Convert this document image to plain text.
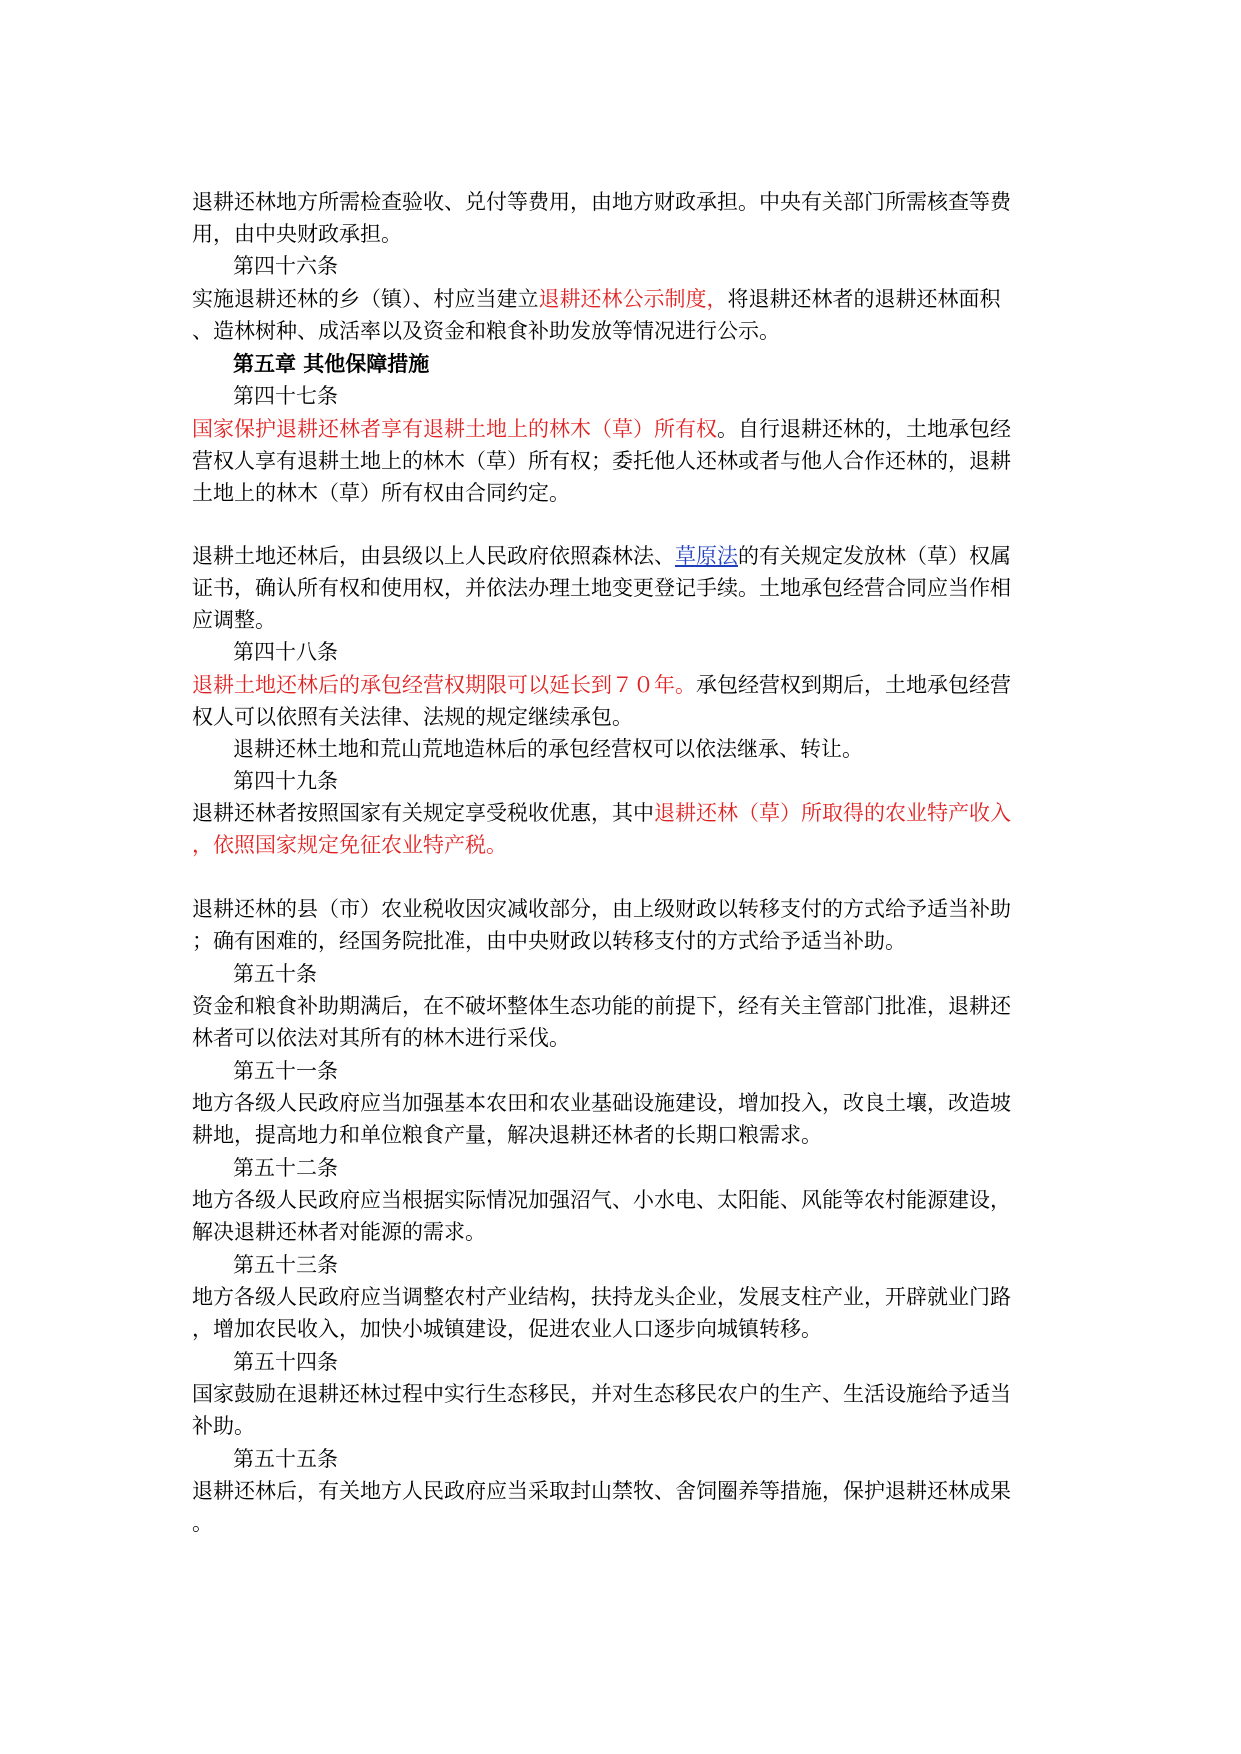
退耕还林地方所需检查验收、兑付等费用，由地方财政承担。中央有关部门所需核查等费
用，由中央财政承担。
第四十六条
实施退耕还林的乡（镇）、村应当建立退耕还林公示制度，将退耕还林者的退耕还林面积
、造林树种、成活率以及资金和粮食补助发放等情况进行公示。
第五章 其他保障措施
第四十七条
国家保护退耕还林者享有退耕土地上的林木（草）所有权。自行退耕还林的，土地承包经
营权人享有退耕土地上的林木（草）所有权；委托他人还林或者与他人合作还林的，退耕
土地上的林木（草）所有权由合同约定。
退耕土地还林后，由县级以上人民政府依照森林法、草原法的有关规定发放林（草）权属
证书，确认所有权和使用权，并依法办理土地变更登记手续。土地承包经营合同应当作相
应调整。
第四十八条
退耕土地还林后的承包经营权期限可以延长到７０年。承包经营权到期后，土地承包经营
权人可以依照有关法律、法规的规定继续承包。
退耕还林土地和荒山荒地造林后的承包经营权可以依法继承、转让。
第四十九条
退耕还林者按照国家有关规定享受税收优惠，其中退耕还林（草）所取得的农业特产收入
，依照国家规定免征农业特产税。
退耕还林的县（市）农业税收因灾减收部分，由上级财政以转移支付的方式给予适当补助
；确有困难的，经国务院批准，由中央财政以转移支付的方式给予适当补助。
第五十条
资金和粮食补助期满后，在不破坏整体生态功能的前提下，经有关主管部门批准，退耕还
林者可以依法对其所有的林木进行采伐。
第五十一条
地方各级人民政府应当加强基本农田和农业基础设施建设，增加投入，改良土壤，改造坡
耕地，提高地力和单位粮食产量，解决退耕还林者的长期口粮需求。
第五十二条
地方各级人民政府应当根据实际情况加强沼气、小水电、太阳能、风能等农村能源建设，
解决退耕还林者对能源的需求。
第五十三条
地方各级人民政府应当调整农村产业结构，扶持龙头企业，发展支柱产业，开辟就业门路
，增加农民收入，加快小城镇建设，促进农业人口逐步向城镇转移。
第五十四条
国家鼓励在退耕还林过程中实行生态移民，并对生态移民农户的生产、生活设施给予适当
补助。
第五十五条
退耕还林后，有关地方人民政府应当采取封山禁牧、舍饲圈养等措施，保护退耕还林成果
。
